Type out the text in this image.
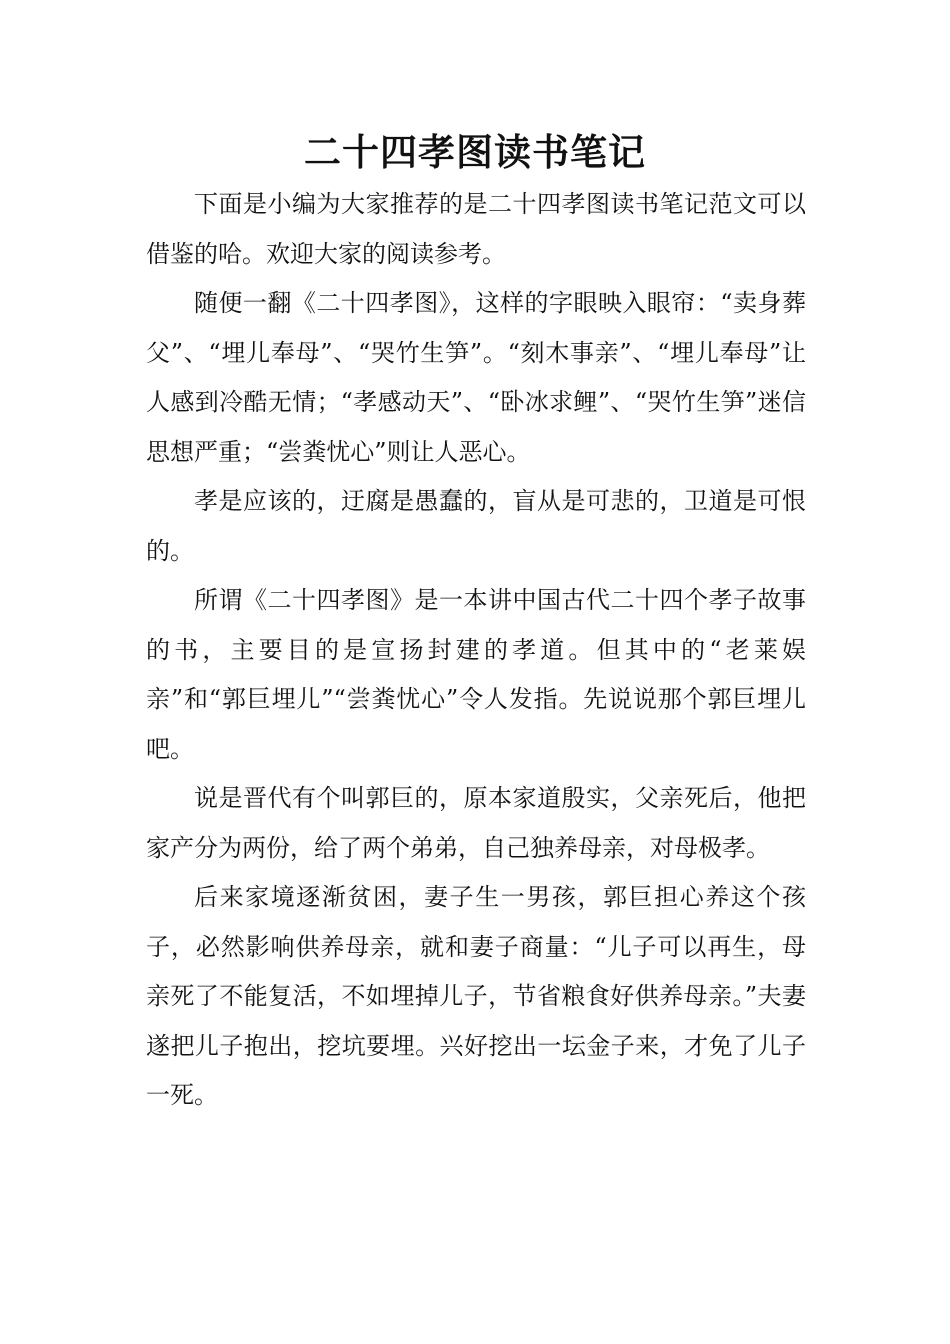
二十四孝图读书笔记

下面是小编为大家推荐的是二十四孝图读书笔记范文可以借鉴的哈。欢迎大家的阅读参考。

随便一翻《二十四孝图》，这样的字眼映入眼帘：“卖身葬父”、“埋儿奉母”、“哭竹生笋”。“刻木事亲”、“埋儿奉母”让人感到冷酷无情；“孝感动天”、“卧冰求鲤”、“哭竹生笋”迷信思想严重；“尝粪忧心”则让人恶心。

孝是应该的，迂腐是愚蠢的，盲从是可悲的，卫道是可恨的。

所谓《二十四孝图》是一本讲中国古代二十四个孝子故事的书，主要目的是宣扬封建的孝道。但其中的“老莱娱亲”和“郭巨埋儿”“尝粪忧心”令人发指。先说说那个郭巨埋儿吧。

说是晋代有个叫郭巨的，原本家道殷实，父亲死后，他把家产分为两份，给了两个弟弟，自己独养母亲，对母极孝。

后来家境逐渐贫困，妻子生一男孩，郭巨担心养这个孩子，必然影响供养母亲，就和妻子商量：“儿子可以再生，母亲死了不能复活，不如埋掉儿子，节省粮食好供养母亲。”夫妻遂把儿子抱出，挖坑要埋。兴好挖出一坛金子来，才免了儿子一死。
